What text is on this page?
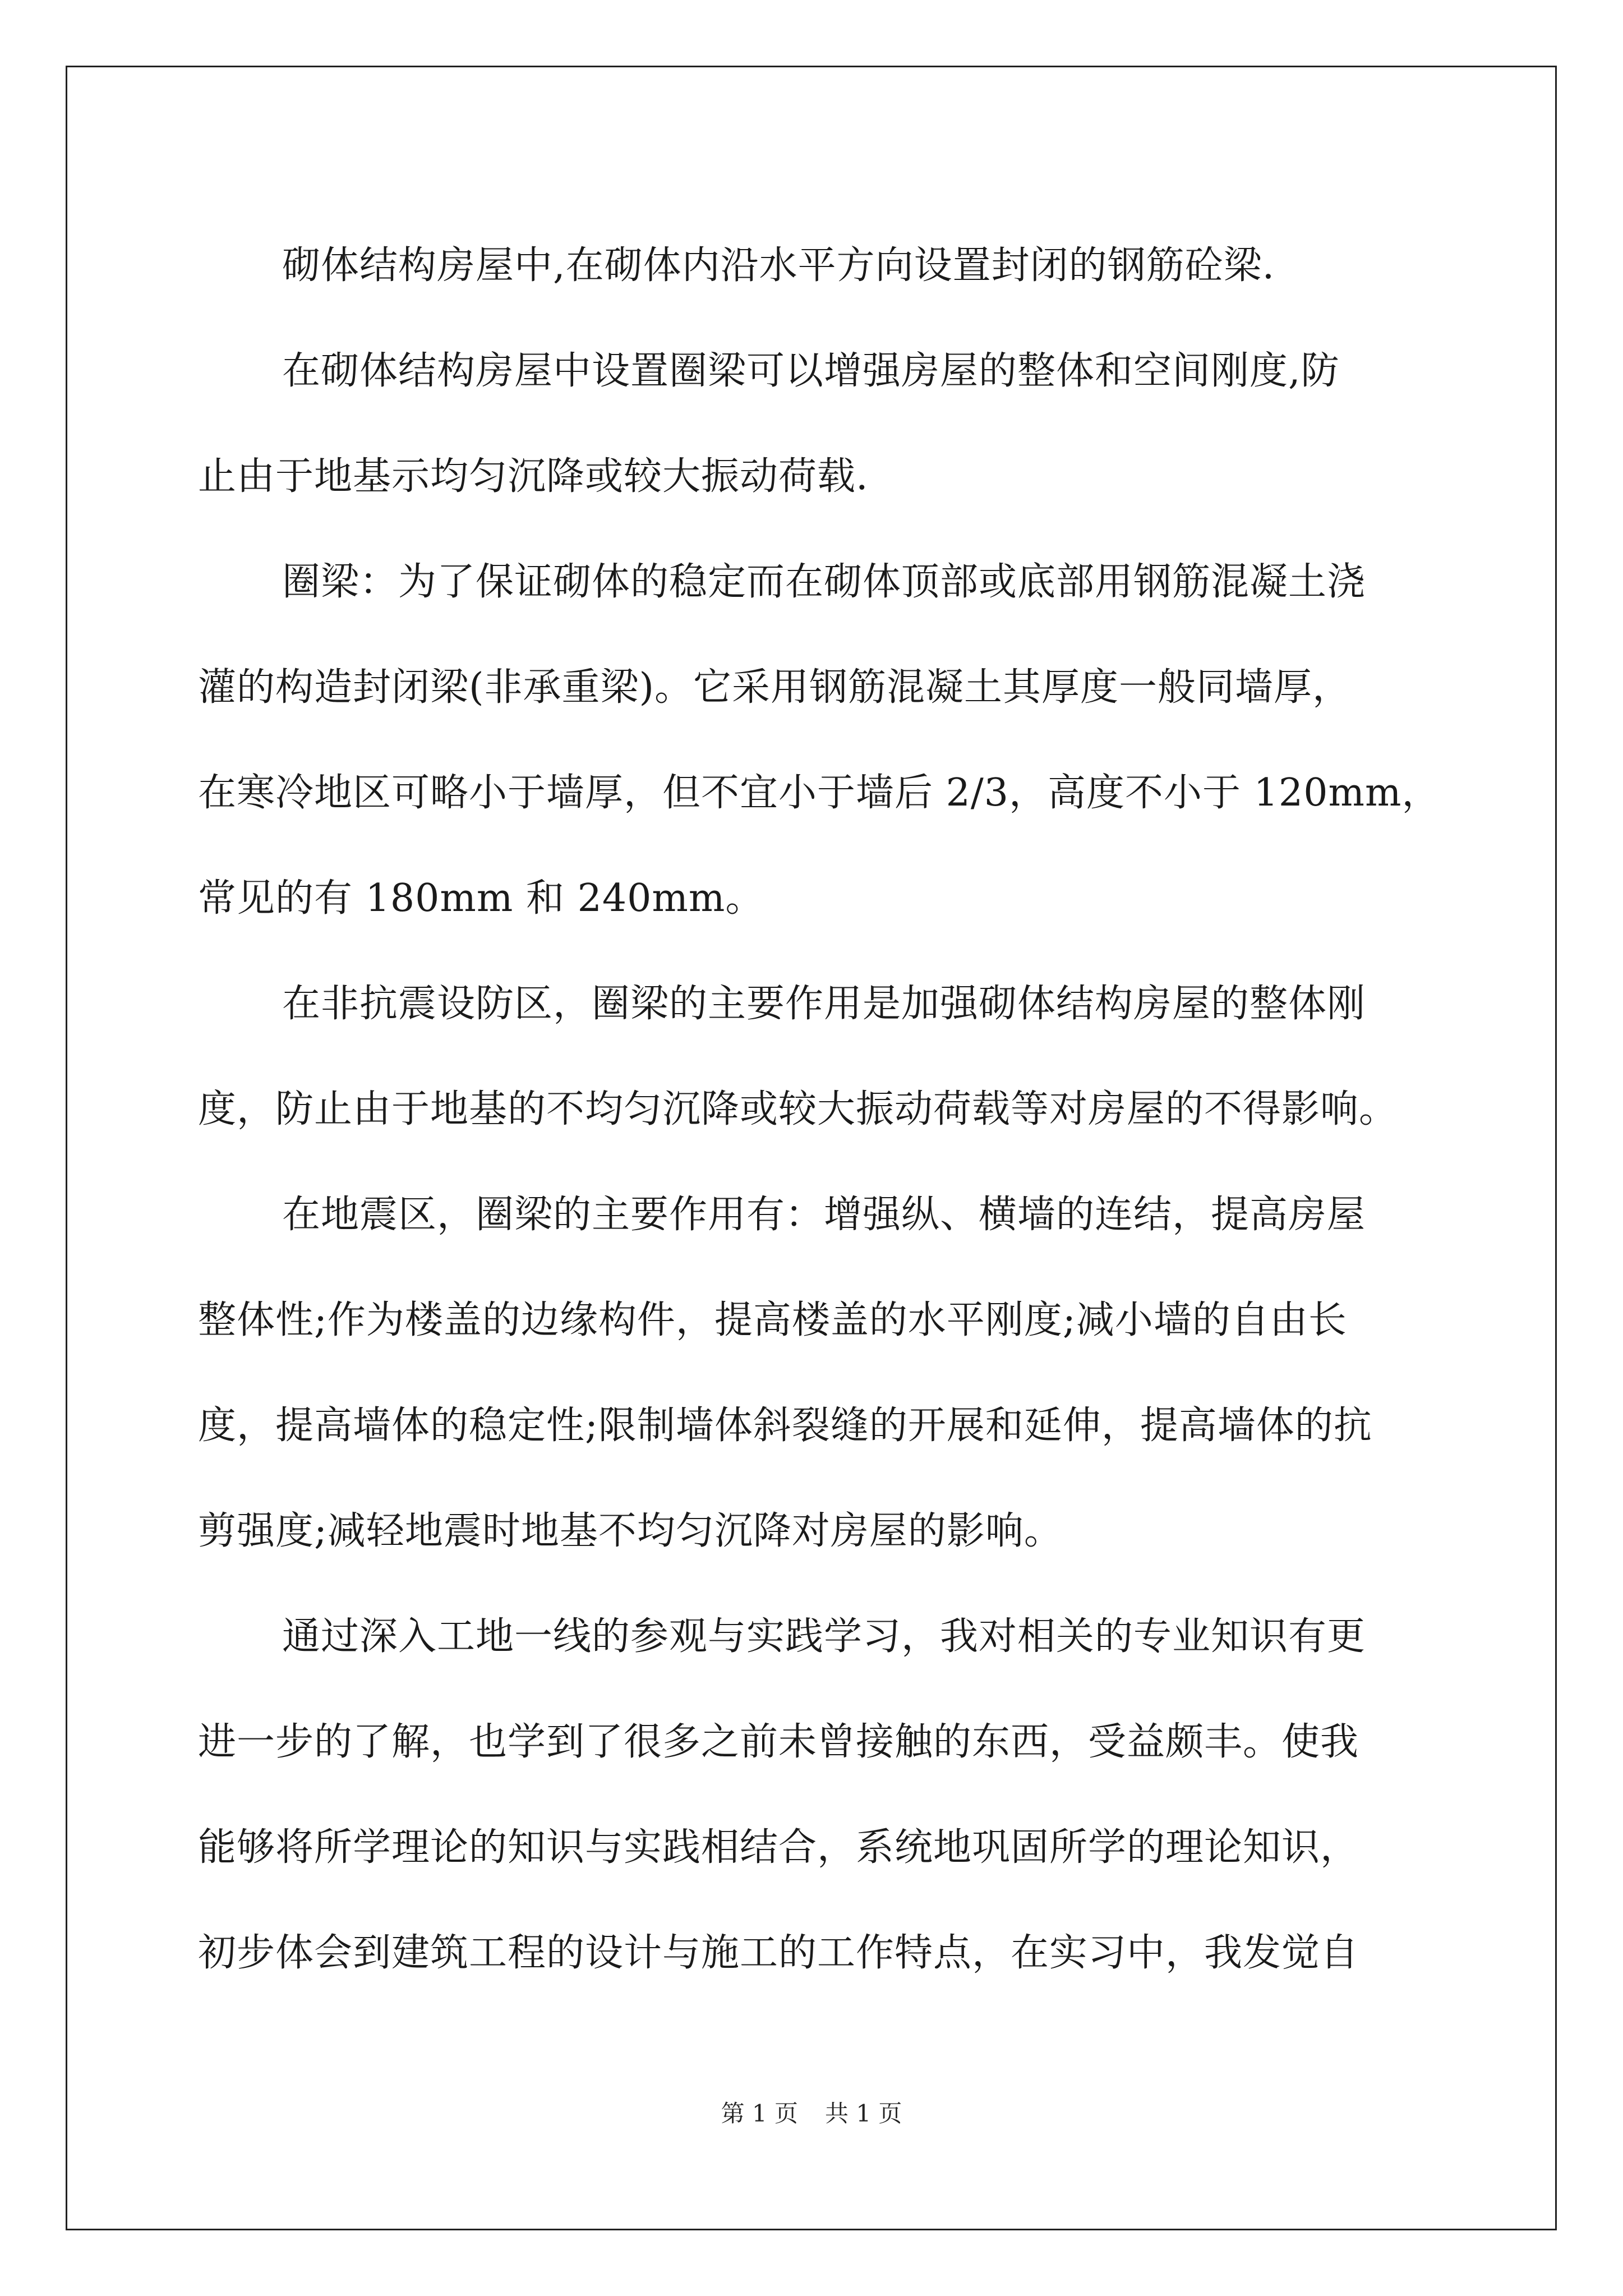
砌体结构房屋中,在砌体内沿水平方向设置封闭的钢筋砼梁.
在砌体结构房屋中设置圈梁可以增强房屋的整体和空间刚度,防
止由于地基示均匀沉降或较大振动荷载.
圈梁：为了保证砌体的稳定而在砌体顶部或底部用钢筋混凝土浇
灌的构造封闭梁(非承重梁)。它采用钢筋混凝土其厚度一般同墙厚，
在寒冷地区可略小于墙厚，但不宜小于墙后 2/3，高度不小于 120mm，
常见的有 180mm 和 240mm。
在非抗震设防区，圈梁的主要作用是加强砌体结构房屋的整体刚
度，防止由于地基的不均匀沉降或较大振动荷载等对房屋的不得影响。
在地震区，圈梁的主要作用有：增强纵、横墙的连结，提高房屋
整体性;作为楼盖的边缘构件，提高楼盖的水平刚度;减小墙的自由长
度，提高墙体的稳定性;限制墙体斜裂缝的开展和延伸，提高墙体的抗
剪强度;减轻地震时地基不均匀沉降对房屋的影响。
通过深入工地一线的参观与实践学习，我对相关的专业知识有更
进一步的了解，也学到了很多之前未曾接触的东西，受益颇丰。使我
能够将所学理论的知识与实践相结合，系统地巩固所学的理论知识，
初步体会到建筑工程的设计与施工的工作特点，在实习中，我发觉自
第 1 页 共 1 页
